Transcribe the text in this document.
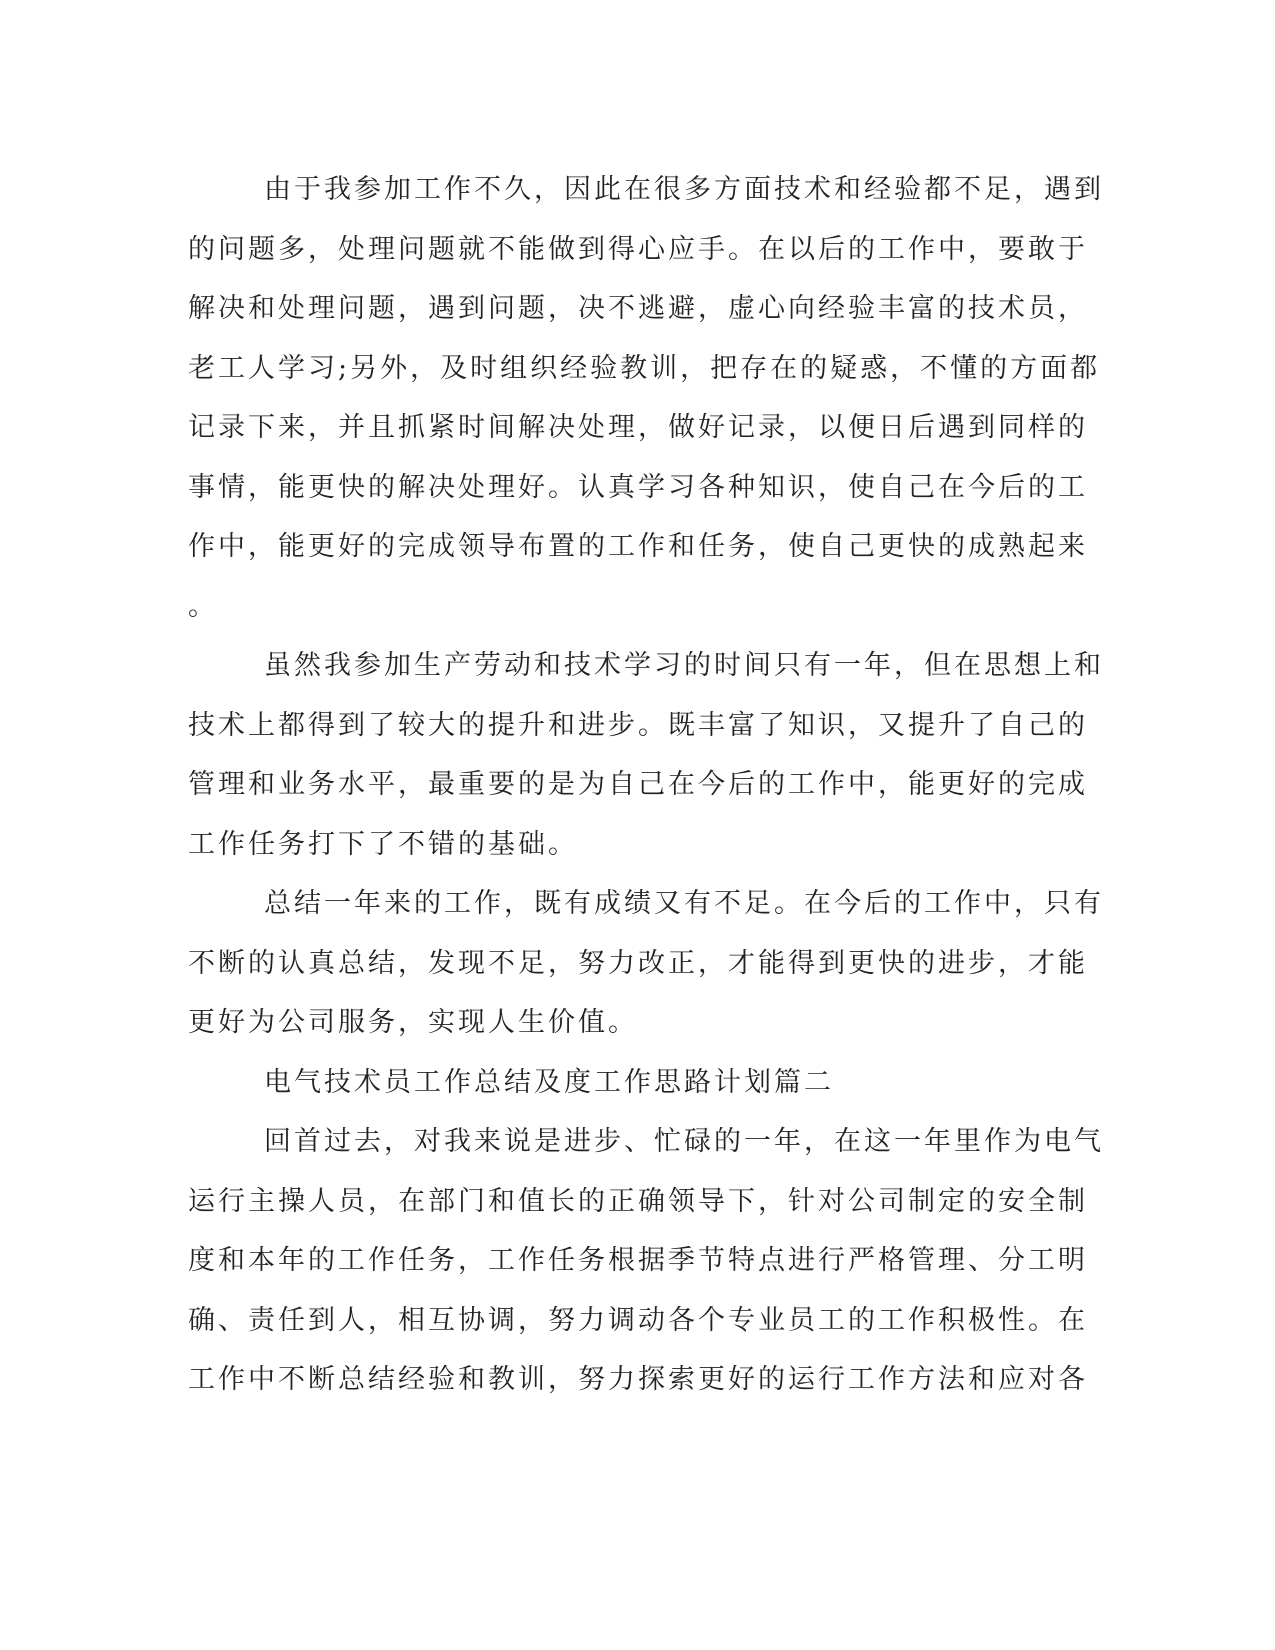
由于我参加工作不久，因此在很多方面技术和经验都不足，遇到
的问题多，处理问题就不能做到得心应手。在以后的工作中，要敢于
解决和处理问题，遇到问题，决不逃避，虚心向经验丰富的技术员，
老工人学习;另外，及时组织经验教训，把存在的疑惑，不懂的方面都
记录下来，并且抓紧时间解决处理，做好记录，以便日后遇到同样的
事情，能更快的解决处理好。认真学习各种知识，使自己在今后的工
作中，能更好的完成领导布置的工作和任务，使自己更快的成熟起来
。

虽然我参加生产劳动和技术学习的时间只有一年，但在思想上和
技术上都得到了较大的提升和进步。既丰富了知识，又提升了自己的
管理和业务水平，最重要的是为自己在今后的工作中，能更好的完成
工作任务打下了不错的基础。

总结一年来的工作，既有成绩又有不足。在今后的工作中，只有
不断的认真总结，发现不足，努力改正，才能得到更快的进步，才能
更好为公司服务，实现人生价值。

电气技术员工作总结及度工作思路计划篇二

回首过去，对我来说是进步、忙碌的一年，在这一年里作为电气
运行主操人员，在部门和值长的正确领导下，针对公司制定的安全制
度和本年的工作任务，工作任务根据季节特点进行严格管理、分工明
确、责任到人，相互协调，努力调动各个专业员工的工作积极性。在
工作中不断总结经验和教训，努力探索更好的运行工作方法和应对各
